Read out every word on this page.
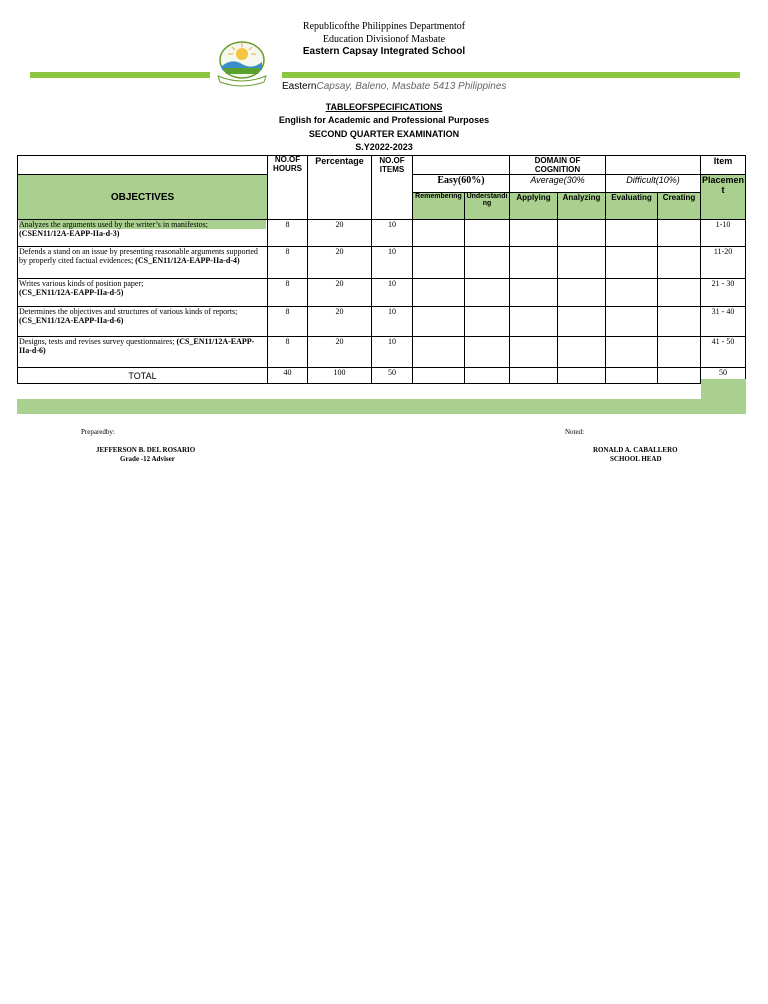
Republicofthe Philippines Departmentof
Education Divisionof Masbate
Eastern Capsay Integrated School
EasternCapsay, Baleno, Masbate 5413 Philippines
TABLEOFSPECIFICATIONS
English for Academic and Professional Purposes
SECOND QUARTER EXAMINATION
S.Y2022-2023

	NO.OF HOURS	Percentage	NO.OF ITEMS			DOMAIN OF COGNITION				Item
OBJECTIVES				Easy(60%)		Average(30%		Difficult(10%)		Placemen t
				Remembering	Understandi ng	Applying	Analyzing	Evaluating	Creating	

Analyzes the arguments used by the writer’s in manifestos;
(CSEN11/12A-EAPP-IIa-d-3)	8	20	10							1-10
Defends a stand on an issue by presenting reasonable arguments supported by properly cited factual evidences; (CS_EN11/12A-EAPP-IIa-d-4)	8	20	10							11-20
Writes various kinds of position paper;
(CS_EN11/12A-EAPP-IIa-d-5)	8	20	10							21 - 30
Determines the objectives and structures of various kinds of reports;
(CS_EN11/12A-EAPP-IIa-d-6)	8	20	10							31 - 40
Designs, tests and revises survey questionnaires; (CS_EN11/12A-EAPP-IIa-d-6)	8	20	10							41 - 50
TOTAL	40	100	50							50
Preparedby:
JEFFERSON B. DEL ROSARIO
Grade -12 Adviser
Noted:
RONALD A. CABALLERO
SCHOOL HEAD
